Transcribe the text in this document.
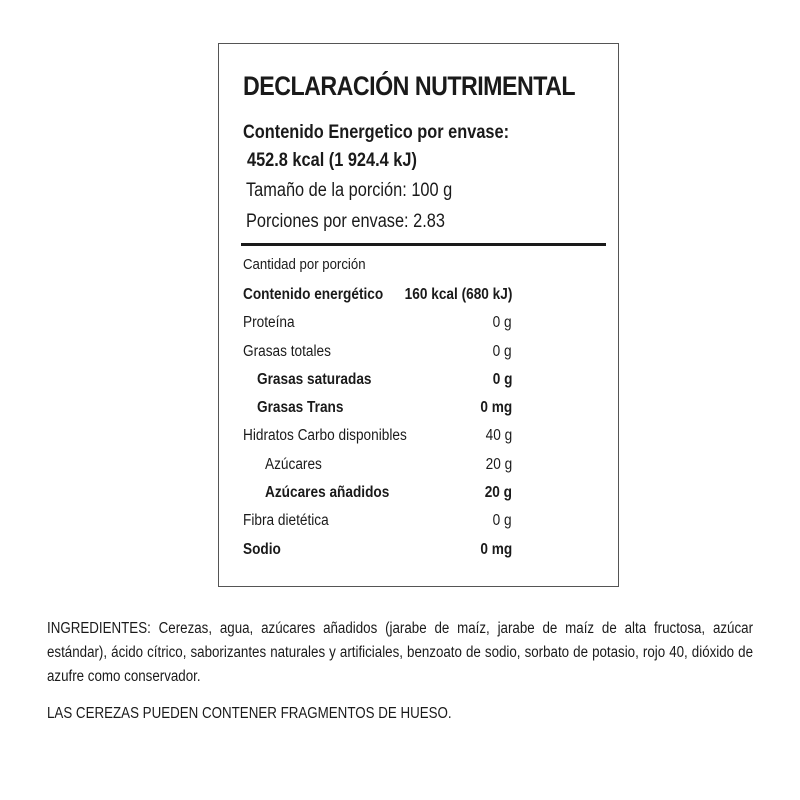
DECLARACIÓN NUTRIMENTAL
Contenido Energetico por envase:
452.8 kcal (1 924.4 kJ)
Tamaño de la porción: 100 g
Porciones por envase: 2.83
Cantidad por porción
Contenido energético 160 kcal (680 kJ)
Proteína	0 g
Grasas totales	0 g
Grasas saturadas	0 g
Grasas Trans	0 mg
Hidratos Carbo disponibles	40 g
Azúcares	20 g
Azúcares añadidos	20 g
Fibra dietética	0 g
Sodio	0 mg

INGREDIENTES: Cerezas, agua, azúcares añadidos (jarabe de maíz, jarabe de maíz de alta fructosa, azúcar estándar), ácido cítrico, saborizantes naturales y artificiales, benzoato de sodio, sorbato de potasio, rojo 40, dióxido de azufre como conservador.

LAS CEREZAS PUEDEN CONTENER FRAGMENTOS DE HUESO.
